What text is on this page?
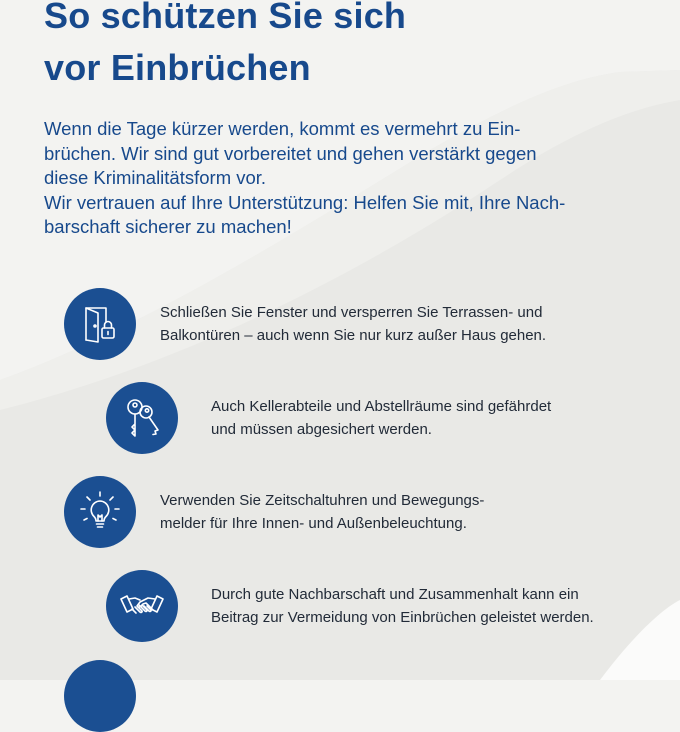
So schützen Sie sich
vor Einbrüchen
Wenn die Tage kürzer werden, kommt es vermehrt zu Ein-
brüchen. Wir sind gut vorbereitet und gehen verstärkt gegen
diese Kriminalitätsform vor.
Wir vertrauen auf Ihre Unterstützung: Helfen Sie mit, Ihre Nach-
barschaft sicherer zu machen!
Schließen Sie Fenster und versperren Sie Terrassen- und
Balkontüren – auch wenn Sie nur kurz außer Haus gehen.
Auch Kellerabteile und Abstellräume sind gefährdet
und müssen abgesichert werden.
Verwenden Sie Zeitschaltuhren und Bewegungs-
melder für Ihre Innen- und Außenbeleuchtung.
Durch gute Nachbarschaft und Zusammenhalt kann ein
Beitrag zur Vermeidung von Einbrüchen geleistet werden.
